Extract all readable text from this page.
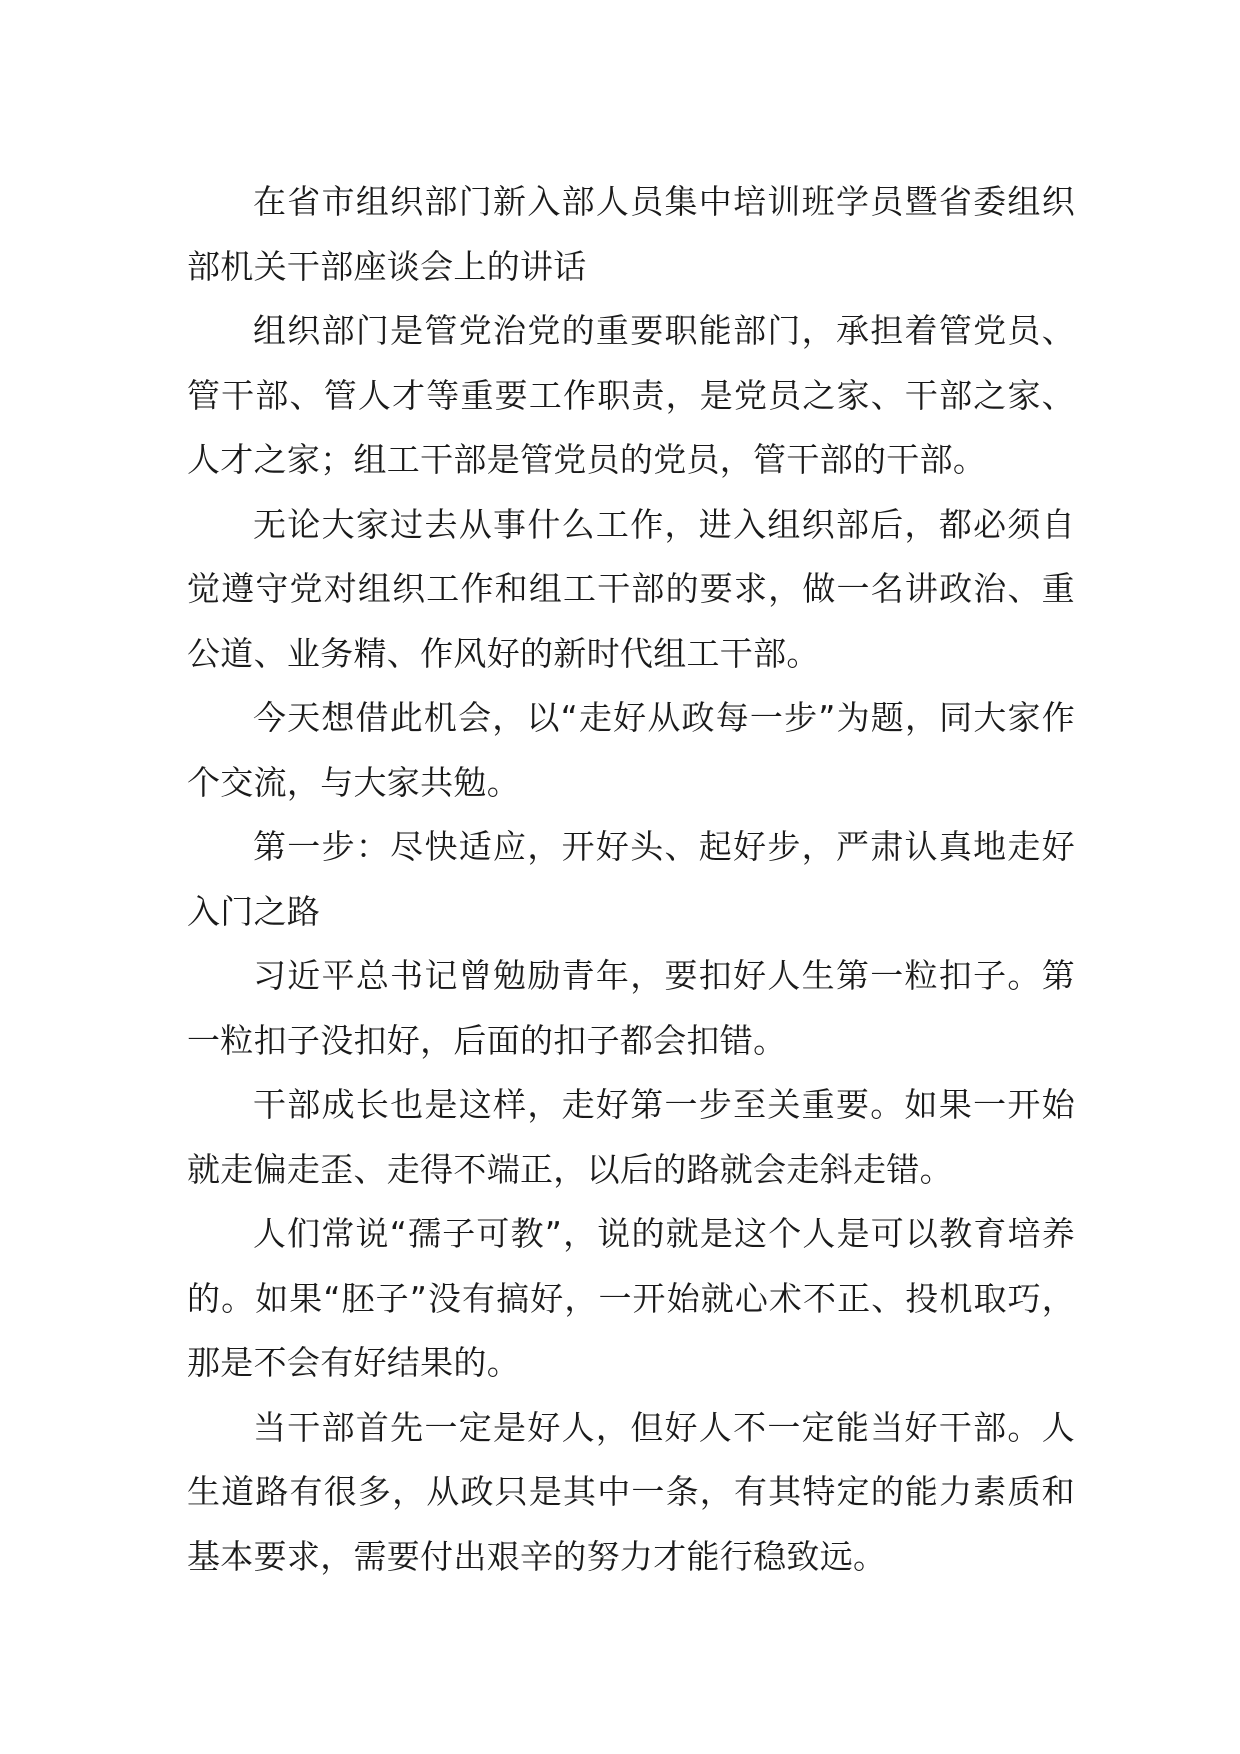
在省市组织部门新入部人员集中培训班学员暨省委组织部机关干部座谈会上的讲话

组织部门是管党治党的重要职能部门，承担着管党员、管干部、管人才等重要工作职责，是党员之家、干部之家、人才之家；组工干部是管党员的党员，管干部的干部。

无论大家过去从事什么工作，进入组织部后，都必须自觉遵守党对组织工作和组工干部的要求，做一名讲政治、重公道、业务精、作风好的新时代组工干部。

今天想借此机会，以“走好从政每一步”为题，同大家作个交流，与大家共勉。

第一步：尽快适应，开好头、起好步，严肃认真地走好入门之路

习近平总书记曾勉励青年，要扣好人生第一粒扣子。第一粒扣子没扣好，后面的扣子都会扣错。

干部成长也是这样，走好第一步至关重要。如果一开始就走偏走歪、走得不端正，以后的路就会走斜走错。

人们常说“孺子可教”，说的就是这个人是可以教育培养的。如果“胚子”没有搞好，一开始就心术不正、投机取巧，那是不会有好结果的。

当干部首先一定是好人，但好人不一定能当好干部。人生道路有很多，从政只是其中一条，有其特定的能力素质和基本要求，需要付出艰辛的努力才能行稳致远。
